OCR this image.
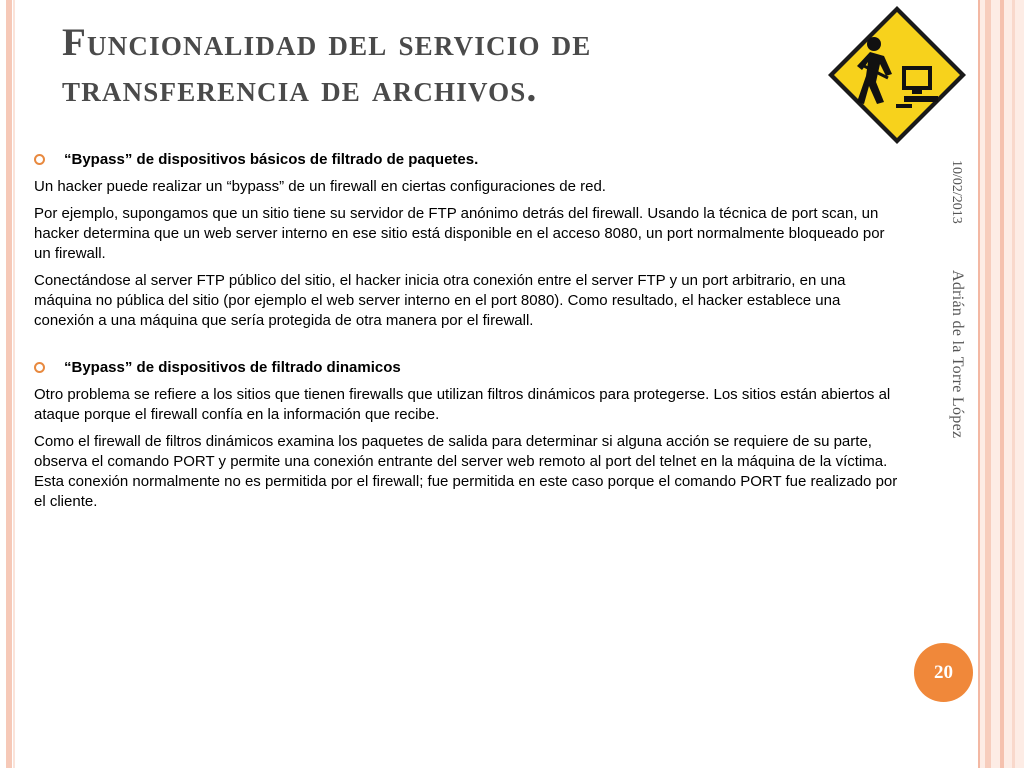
Funcionalidad del servicio de transferencia de archivos.
10/02/2013
Adrián de la Torre López

“Bypass” de dispositivos básicos de filtrado de paquetes.

Un hacker puede realizar un “bypass” de un firewall en ciertas configuraciones de red.

Por ejemplo, supongamos que un sitio tiene su servidor de FTP anónimo detrás del firewall. Usando la técnica de port scan, un hacker determina que un web server interno en ese sitio está disponible en el acceso 8080, un port normalmente bloqueado por un firewall.

Conectándose al server FTP público del sitio, el hacker inicia otra conexión entre el server FTP y un port arbitrario, en una máquina no pública del sitio (por ejemplo el web server interno en el port 8080). Como resultado, el hacker establece una conexión a una máquina que sería protegida de otra manera por el firewall.

“Bypass” de dispositivos de filtrado dinamicos

Otro problema se refiere a los sitios que tienen firewalls que utilizan filtros dinámicos para protegerse. Los sitios están abiertos al ataque porque el firewall confía en la información que recibe.

Como el firewall de filtros dinámicos examina los paquetes de salida para determinar si alguna acción se requiere de su parte, observa el comando PORT y permite una conexión entrante del server web remoto al port del telnet en la máquina de la víctima. Esta conexión normalmente no es permitida por el firewall; fue permitida en este caso porque el comando PORT fue realizado por el cliente.

20
